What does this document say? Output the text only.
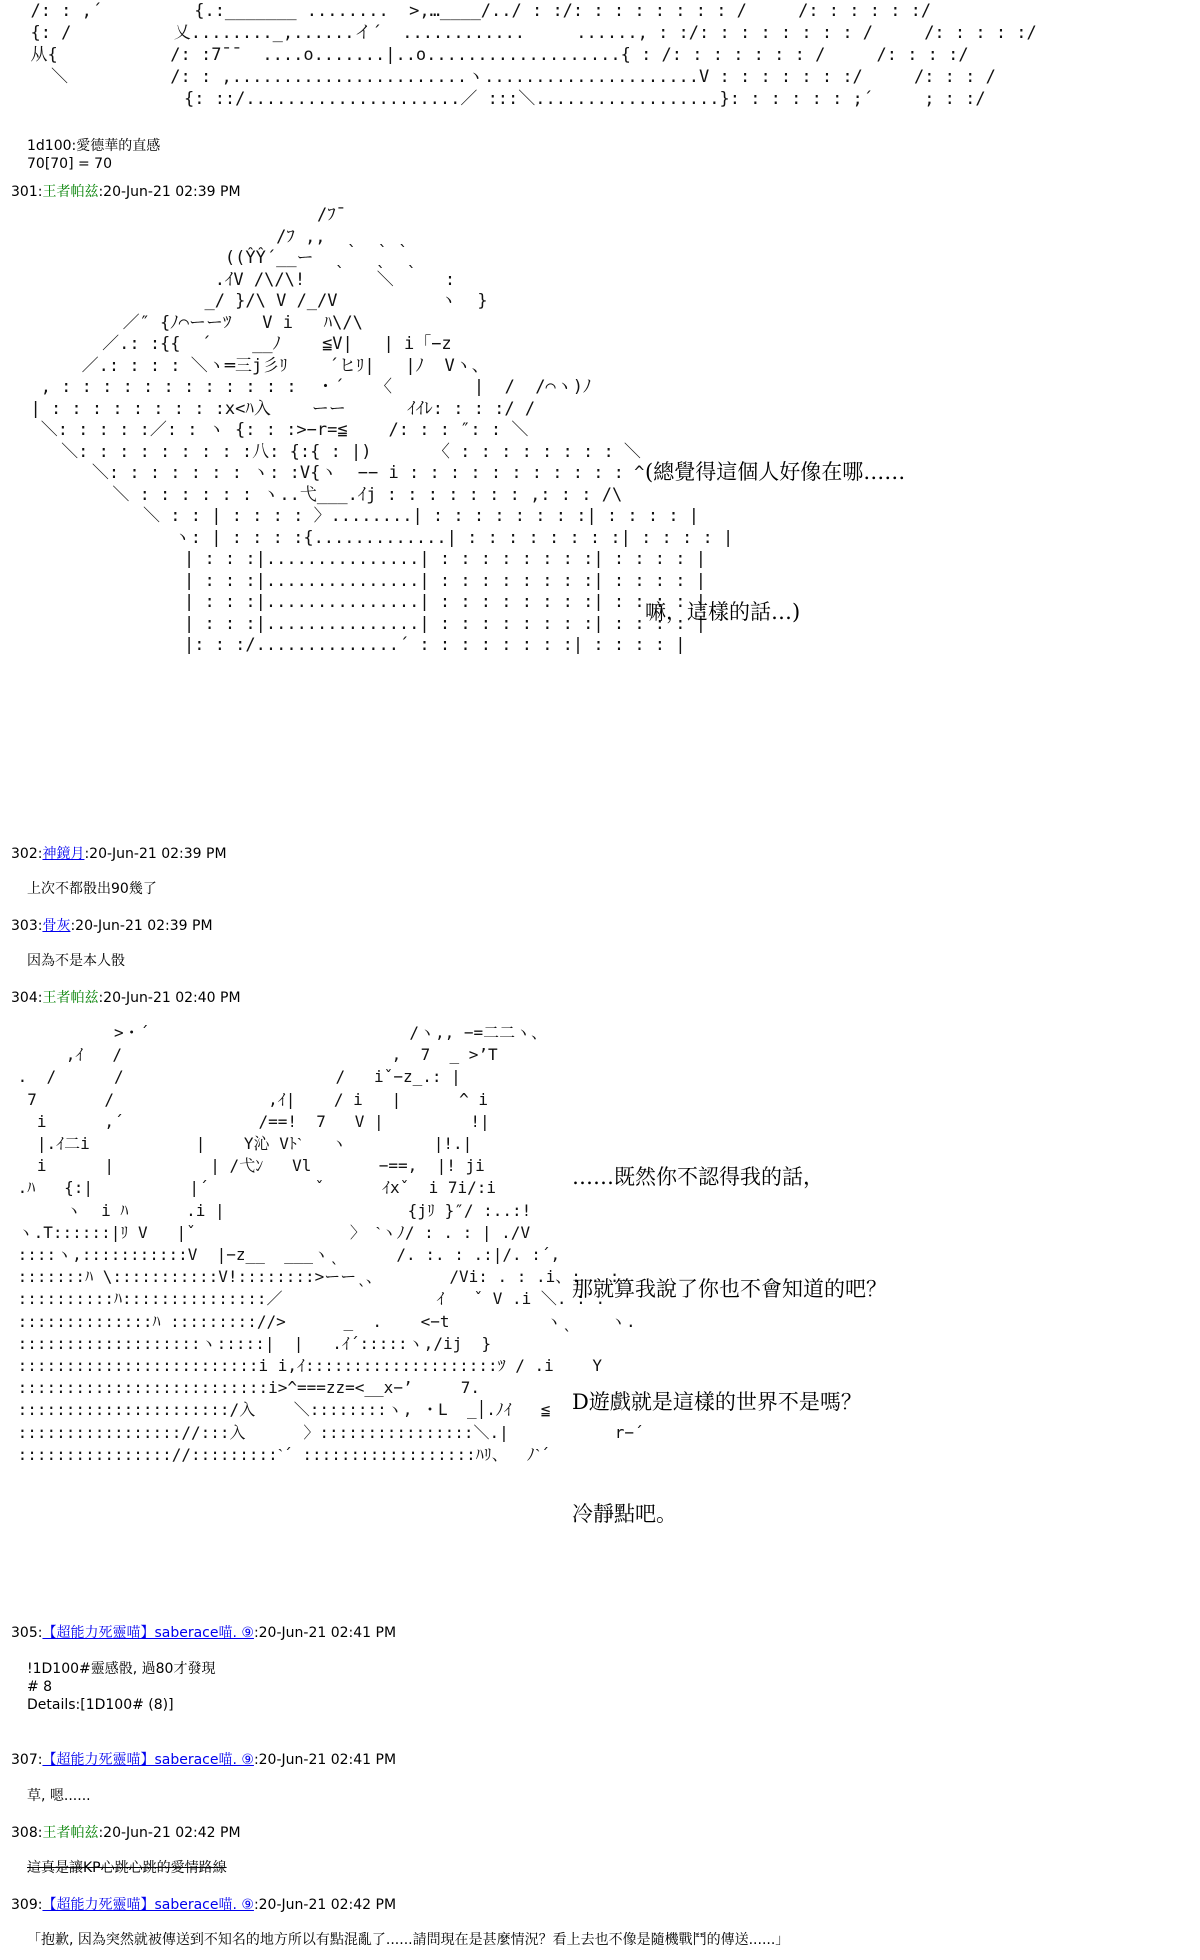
/: : ,´         {.:_______ ........  >,…____/../ : :/: : : : : : : : /     /: : : : : :/
{: /          乂........_,......イ´  ............     ......, : :/: : : : : : : : /     /: : : : :/
从{           /: :7¯¯  ....o.......|..o...................{ : /: : : : : : : /     /: : : :/
＼          /: : ,.......................ヽ.....................V : : : : : : :/     /: : : /
{: ::/.....................／ :::＼..................}: : : : : : ;´     ; : :/
1d100:愛德華的直感
70[70] = 70
301:王者帕兹:20-Jun-21 02:39 PM
/ﾌ¯
/ﾌ ,,  ˎ  ˎ ˎ
((ŶŶ´__ー  ˎ   ˎ  ˎ
.ｲV /\/\!       ＼     :
_/ }/\ V /_/V          ヽ  }
／″ {ﾉ⌒ーーﾂ   V i   ﾊ\/\
／.: :{{  ´    __ﾉ    ≦V|   | i「−z
／.: : : : ＼ヽ═三j彡ﾘ    ´ヒﾘ|   |ﾉ  Vヽ、
, : : : : : : : : : : : :  ・´   〈        |  /  /⌒ヽ)ﾉ
| : : : : : : : : :x<ﾊ入    ーー      ｲｲﾚ: : : :/ /
＼: : : : :／: : ヽ {: : :>−r=≦    /: : : ″: : ＼
＼: : : : : : : : :八: {:{ : |)      〈 : : : : : : : : ＼
＼: : : : : : : ヽ: :V{ヽ  −− i : : : : : : : : : : : ^
＼ : : : : : : ヽ..弋___.ｲj : : : : : : : ,: : : /\
＼ : : | : : : : 〉........| : : : : : : : :| : : : : |
ヽ: | : : : :{.............| : : : : : : : :| : : : : |
| : : :|...............| : : : : : : : :| : : : : |
| : : :|...............| : : : : : : : :| : : : : |
| : : :|...............| : : : : : : : :| : : : : |
| : : :|...............| : : : : : : : :| : : : : |
|: : :/..............´ : : : : : : : :| : : : : |
(總覺得這個人好像在哪……
嘛，這樣的話…)
302:神鏡月:20-Jun-21 02:39 PM
上次不都骰出90幾了
303:骨灰:20-Jun-21 02:39 PM
因為不是本人骰
304:王者帕兹:20-Jun-21 02:40 PM
>・´                           /ヽ,, −=二二ヽ、
,ｲ   /                            ,  7  _ >’T
.  /      /                      /   iˇ−z_.: |
7       /                ,ｲ|    / i   |      ^ i
i      ,´              /==!  7   V |         !|
|.ｲ二i           |    Y沁 Vﾄˋ   ヽ         |!.|
i      |          | /弋ﾝ   Vl       −==,  |! ji
.ﾊ   {:|          |´           ˇ      ｲxˇ  i 7i/:i
ヽ  i ﾊ      .i |                   {jﾘ }″/ :..:!
ヽ.T::::::|ﾘ V   |ˇ                〉 ˋヽﾉ/ : . : | ./V
::::ヽ,:::::::::::V  |−z__  ___ヽˎ      /. :. : .:|/. :´,
:::::::ﾊ \:::::::::::V!::::::::>ーーˎ、       /Vi: . : .i、: . :
::::::::::ﾊ:::::::::::::::／                ｲ   ˇ V .i ＼. : .
::::::::::::::ﾊ ::::::::://>      _  .    <−t          ヽˎ    ヽ.
:::::::::::::::::::ヽ:::::|  |   .ｲ´:::::ヽ,/ij  }
:::::::::::::::::::::::::i i,ｲ::::::::::::::::::::ﾂ / .i    Y
::::::::::::::::::::::::::i>^===zz=<__x−’     7.
::::::::::::::::::::::/入    ＼::::::::ヽ, ・L  _│.ﾉｲ   ≦
::::::::::::::::://:::入      〉::::::::::::::::＼.|           r−´
:::::::::::::::://:::::::::ˋ´ ::::::::::::::::::ﾊﾘ、  ﾉˋ´
……既然你不認得我的話，
那就算我說了你也不會知道的吧？
D遊戲就是這樣的世界不是嗎？
冷靜點吧。
305:【超能力死靈喵】saberace喵. ⑨:20-Jun-21 02:41 PM
!1D100#靈感骰, 過80才發現
# 8
Details:[1D100# (8)]
307:【超能力死靈喵】saberace喵. ⑨:20-Jun-21 02:41 PM
草, 嗯......
308:王者帕兹:20-Jun-21 02:42 PM
這真是讓KP心跳心跳的愛情路線
309:【超能力死靈喵】saberace喵. ⑨:20-Jun-21 02:42 PM
「抱歉, 因為突然就被傳送到不知名的地方所以有點混亂了......請問現在是甚麼情況？看上去也不像是隨機戰鬥的傳送......」
